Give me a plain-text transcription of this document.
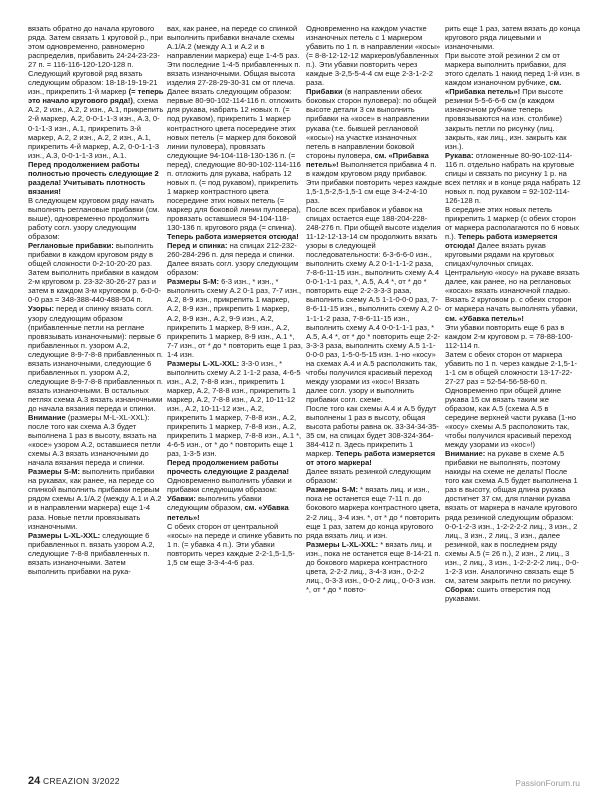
вязать обратно до начала кругового ряда. Затем связать 1 круговой р., при этом одновременно, равномерно распределив, прибавить 24-24-23-23-27 п. = 116-116-120-120-128 п.

Следующий круговой ряд вязать следующим образом: 18-18-19-19-21 изн., прикрепить 1-й маркер (= теперь это начало кругового ряда!), схема А.2, 2 изн., А.2, 2 изн., А.1, прикрепить 2-й маркер, А.2, 0-0-1-1-3 изн., А.3, 0-0-1-1-3 изн., А.1, прикрепить 3-й маркер, А.2, 2 изн., А.2, 2 изн., А.1, прикрепить 4-й маркер, А.2, 0-0-1-1-3 изн., А.3, 0-0-1-1-3 изн., А.1.

Перед продолжением работы полностью прочесть следующие 2 раздела! Учитывать плотность вязания!

В следующем круговом ряду начать выполнять реглановые прибавки (см. выше), одновременно продолжить работу согл. узору следующим образом:

Реглановые прибавки: выполнить прибавки в каждом круговом ряду в общей сложности 0-2-10-20-20 раз. Затем выполнить прибавки в каждом 2-м круговом р. 23-32-30-26-27 раз и затем в каждом 3-м круговом р. 6-0-0-0-0 раз = 348-388-440-488-504 п.

Узоры: перед и спинку вязать согл. узору следующим образом (прибавленные петли на реглане провязывать изнаночными): первые 6 прибавленных п. узором А.2, следующие 8-9-7-8-8 прибавленных п. вязать изнаночными, следующие 6 прибавленных п. узором А.2, следующие 8-9-7-8-8 прибавленных п. вязать изнаночными. В остальных петлях схема А.3 вязать изнаночными до начала вязания переда и спинки.

Внимание (размеры M-L-XL-XXL): после того как схема А.3 будет выполнена 1 раз в высоту, вязать на «косе» узором А.2, оставшиеся петли схемы А.3 вязать изнаночными до начала вязания переда и спинки.

Размеры S-M: выполнить прибавки на рукавах, как ранее, на переде со спинкой выполнить прибавки первым рядом схемы А.1/А.2 (между А.1 и А.2 и в направлении маркера) еще 1-4 раза. Новые петли провязывать изнаночными.

Размеры L-XL-XXL: следующие 6 прибавленных п. вязать узором А.2, следующие 7-8-8 прибавленных п. вязать изнаночными. Затем выполнить прибавки на рука-

вах, как ранее, на переде со спинкой выполнить прибавки вначале схемы А.1/А.2 (между А.1 и А.2 и в направлении маркера) еще 1-4-5 раз. Эти последние 1-4-5 прибавленных п. вязать изнаночными. Общая высота изделия 27-28-29-30-31 см от плеча. Далее вязать следующим образом: первые 80-90-102-114-116 п. отложить для рукава, набрать 12 новых п. (= под рукавом), прикрепить 1 маркер контрастного цвета посередине этих новых петель (= маркер для боковой линии пуловера), провязать следующие 94-104-118-130-136 п. (= перед), следующие 80-90-102-114-116 п. отложить для рукава, набрать 12 новых п. (= под рукавом), прикрепить 1 маркер контрастного цвета посередине этих новых петель (= маркер для боковой линии пуловера), провязать оставшиеся 94-104-118-130-136 п. кругового ряда (= спинка). Теперь работа измеряется отсюда!

Перед и спинка: на спицах 212-232-260-284-296 п. для переда и спинки. Далее вязать согл. узору следующим образом:

Размеры S-M: 6-3 изн., * изн., * выполнить схему А.2 0-1 раз, 7-7 изн., А.2, 8-9 изн., прикрепить 1 маркер, А.2, 8-9 изн., прикрепить 1 маркер, А.2, 8-9 изн., А.2, 9-9 изн., А.2, прикрепить 1 маркер, 8-9 изн., А.2, прикрепить 1 маркер, 8-9 изн., А.1 *, 7-7 изн., от * до * повторить еще 1 раз, 1-4 изн.

Размеры L-XL-XXL: 3-3-0 изн., * выполнить схему А.2 1-1-2 раза, 4-6-5 изн., А.2, 7-8-8 изн., прикрепить 1 маркер, А.2, 7-8-8 изн., прикрепить 1 маркер, А.2, 7-8-8 изн., А.2, 10-11-12 изн., А.2, 10-11-12 изн., А.2, прикрепить 1 маркер, 7-8-8 изн., А.2, прикрепить 1 маркер, 7-8-8 изн., А.2, прикрепить 1 маркер, 7-8-8 изн., А.1 *, 4-6-5 изн., от * до * повторить еще 1 раз, 1-3-5 изн.

Перед продолжением работы прочесть следующие 2 раздела!

Одновременно выполнить убавки и прибавки следующим образом:

Убавки: выполнить убавки следующим образом, см. «Убавка петель»!

С обеих сторон от центральной «косы» на переде и спинке убавить по 1 п. (= убавка 4 п.). Эти убавки повторить через каждые 2-2-1,5-1,5-1,5 см еще 3-3-4-4-6 раз.

Одновременно на каждом участке изнаночных петель с 1 маркером убавить по 1 п. в направлении «косы» (= 8-8-12-12-12 маркеров/убавленных п.). Эти убавки повторить через каждые 3-2,5-5-4-4 см еще 2-3-1-2-2 раза.

Прибавки (в направлении обеих боковых сторон пуловера): по общей высоте детали 3 см выполнить прибавки на «косе» в направлении рукава (т.е. бывшей реглановой «косы») на участке изнаночных петель в направлении боковой стороны пуловера, см. «Прибавка петель»! Выполняется прибавка 4 п. в каждом круговом ряду прибавок. Эти прибавки повторить через каждые 1,5-1,5-2,5-1,5-1 см еще 3-4-2-4-10 раз.

После всех прибавок и убавок на спицах остается еще 188-204-228-248-276 п. При общей высоте изделия 11-12-12-13-14 см продолжить вязать узоры в следующей последовательности: 6-3-6-6-0 изн., выполнить схему А.2 0-1-1-1-2 раза, 7-8-6-11-15 изн., выполнить схему А.4 0-0-1-1-1 раз, *, А.5, А.4 *, от * до * повторить еще 2-2-3-3-3 раза, выполнить схему А.5 1-1-0-0-0 раз, 7-8-6-11-15 изн., выполнить схему А.2 0-1-1-1-2 раза, 7-8-6-11-15 изн., выполнить схему А.4 0-0-1-1-1 раз, * А.5, А.4 *, от * до * повторить еще 2-2-3-3-3 раза, выполнить схему А.5 1-1-0-0-0 раз, 1-5-0-5-15 изн. 1-но «косу» на схемах А.4 и А.5 расположить так, чтобы получился красивый переход между узорами из «кос»! Вязать далее согл. узору и выполнить прибавки согл. схеме.

После того как схемы А.4 и А.5 будут выполнены 1 раз в высоту, общая высота работы равна ок. 33-34-34-35-35 см, на спицах будет 308-324-364-384-412 п. Здесь прикрепить 1 маркер. Теперь работа измеряется от этого маркера!

Далее вязать резинкой следующим образом:

Размеры S-M: * вязать лиц. и изн., пока не останется еще 7-11 п. до бокового маркера контрастного цвета, 2-2 лиц., 3-4 изн. *, от * до * повторить еще 1 раз, затем до конца кругового ряда вязать лиц. и изн.

Размеры L-XL-XXL: * вязать лиц. и изн., пока не останется еще 8-14-21 п. до бокового маркера контрастного цвета, 2-2-2 лиц., 3-4-3 изн., 0-2-2 лиц., 0-3-3 изн., 0-0-2 лиц., 0-0-3 изн. *, от * до * повто-

рить еще 1 раз, затем вязать до конца кругового ряда лицевыми и изнаночными.

При высоте этой резинки 2 см от маркера выполнить прибавки, для этого сделать 1 накид перед 1-й изн. в каждом изнаночном рубчике, см. «Прибавка петель»! При высоте резинки 5-5-6-6-6 см (в каждом изнаночном рубчике теперь провязываются на изн. столбике) закрыть петли по рисунку (лиц. закрыть, как лиц., изн. закрыть как изн.).

Рукава: отложенные 80-90-102-114-116 п. отдельно набрать на круговые спицы и связать по рисунку 1 р. на всех петлях и в конце ряда набрать 12 новых п. под рукавом = 92-102-114-126-128 п.

В середине этих новых петель прикрепить 1 маркер (с обеих сторон от маркера располагаются по 6 новых п.). Теперь работа измеряется отсюда! Далее вязать рукав круговыми рядами на круговых спицах/чулочных спицах. Центральную «косу» на рукаве вязать далее, как ранее, но на реглановых «косах» вязать изнаночной гладью. Вязать 2 круговом р. с обеих сторон от маркера начать выполнять убавки, см. «Убавка петель»!

Эти убавки повторить еще 6 раз в каждом 2-м круговом р. = 78-88-100-112-114 п.

Затем с обеих сторон от маркера убавить по 1 п. через каждые 2-1,5-1-1-1 см в общей сложности 13-17-22-27-27 раз = 52-54-56-58-60 п. Одновременно при общей длине рукава 15 см вязать таким же образом, как А.5 (схема А.5 в середине верхней части рукава (1-но «косу» схемы А.5 расположить так, чтобы получился красивый переход между узорами из «кос»!)

Внимание: на рукаве в схеме А.5 прибавки не выполнять, поэтому накиды на схеме не делать! После того как схема А.5 будет выполнена 1 раз в высоту, общая длина рукава достигнет 37 см, для планки рукава вязать от маркера в начале кругового ряда резинкой следующим образом: 0-0-1-2-3 изн., 1-2-2-2-2 лиц., 3 изн., 2 лиц., 3 изн., 2 лиц., 3 изн., далее резинкой, как в последнем ряду схемы А.5 (= 26 п.), 2 изн., 2 лиц., 3 изн., 2 лиц., 3 изн., 1-2-2-2-2 лиц., 0-0-1-2-3 изн. Аналогично связать еще 5 см, затем закрыть петли по рисунку.

Сборка: сшить отверстия под рукавами.

24 CREAZION 3/2022	PassionForum.ru
